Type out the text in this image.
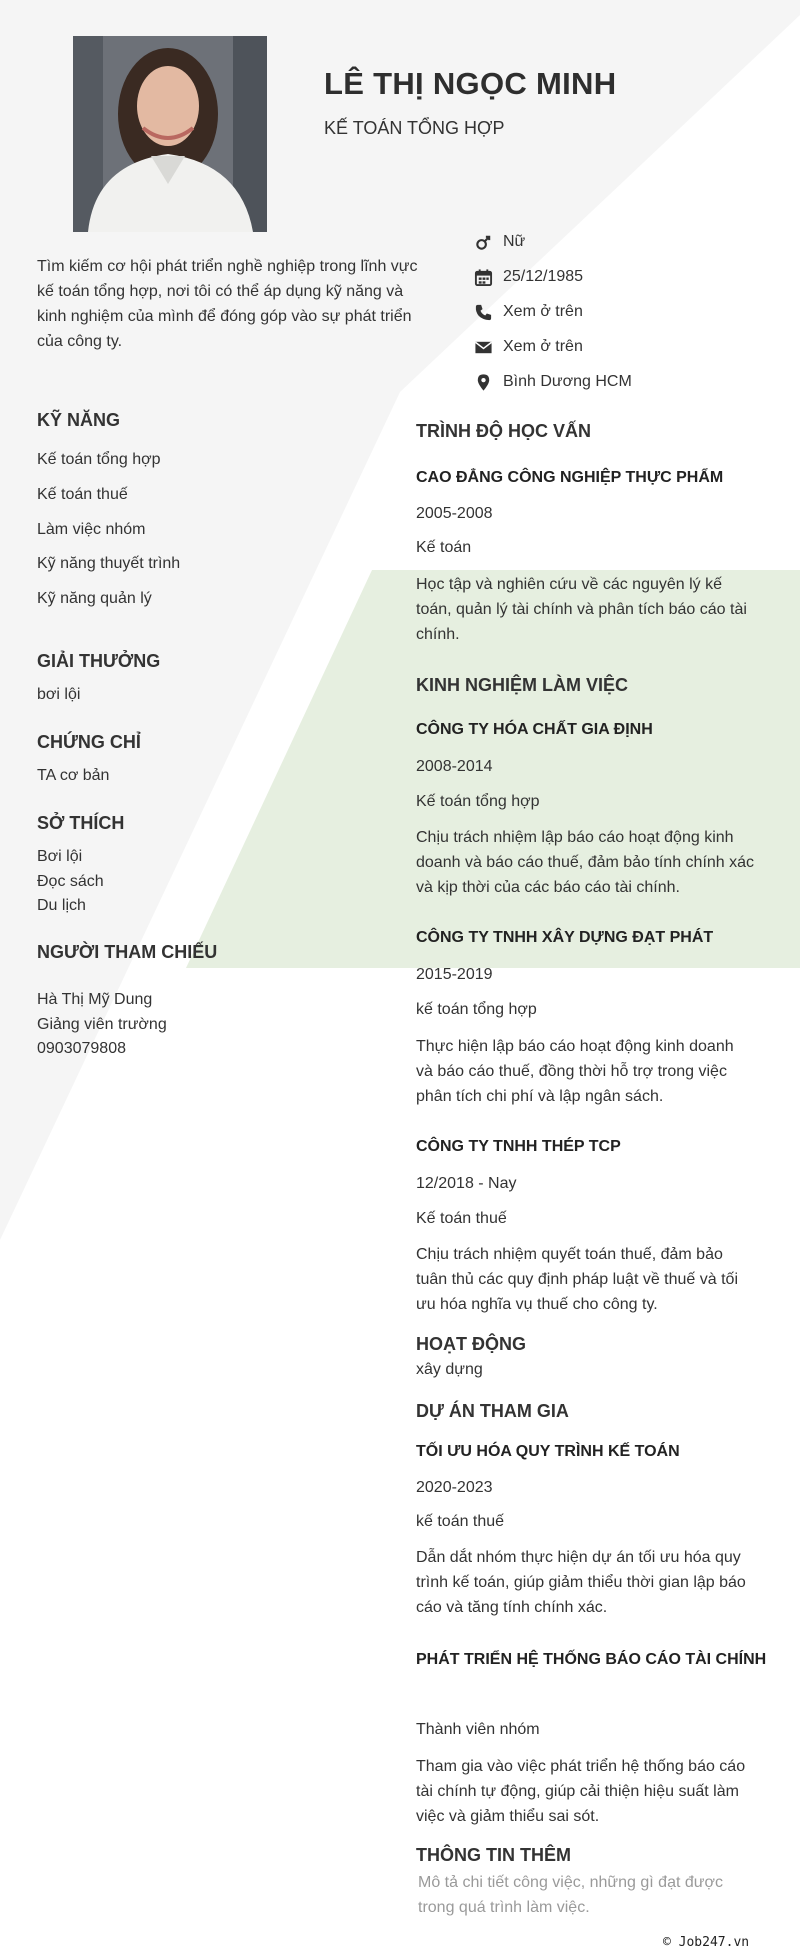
LÊ THỊ NGỌC MINH
KẾ TOÁN TỔNG HỢP
Tìm kiếm cơ hội phát triển nghề nghiệp trong lĩnh vực kế toán tổng hợp, nơi tôi có thể áp dụng kỹ năng và kinh nghiệm của mình để đóng góp vào sự phát triển của công ty.
Nữ
25/12/1985
Xem ở trên
Xem ở trên
Bình Dương HCM
KỸ NĂNG
Kế toán tổng hợp
Kế toán thuế
Làm việc nhóm
Kỹ năng thuyết trình
Kỹ năng quản lý
GIẢI THƯỞNG
bơi lội
CHỨNG CHỈ
TA cơ bản
SỞ THÍCH
Bơi lội
Đọc sách
Du lịch
NGƯỜI THAM CHIẾU
Hà Thị Mỹ Dung
Giảng viên trường
0903079808
TRÌNH ĐỘ HỌC VẤN
CAO ĐẲNG CÔNG NGHIỆP THỰC PHẨM
2005-2008
Kế toán
Học tập và nghiên cứu về các nguyên lý kế
toán, quản lý tài chính và phân tích báo cáo tài
chính.
KINH NGHIỆM LÀM VIỆC
CÔNG TY HÓA CHẤT GIA ĐỊNH
2008-2014
Kế toán tổng hợp
Chịu trách nhiệm lập báo cáo hoạt động kinh
doanh và báo cáo thuế, đảm bảo tính chính xác
và kịp thời của các báo cáo tài chính.
CÔNG TY TNHH XÂY DỰNG ĐẠT PHÁT
2015-2019
kế toán tổng hợp
Thực hiện lập báo cáo hoạt động kinh doanh
và báo cáo thuế, đồng thời hỗ trợ trong việc
phân tích chi phí và lập ngân sách.
CÔNG TY TNHH THÉP TCP
12/2018 - Nay
Kế toán thuế
Chịu trách nhiệm quyết toán thuế, đảm bảo
tuân thủ các quy định pháp luật về thuế và tối
ưu hóa nghĩa vụ thuế cho công ty.
HOẠT ĐỘNG
xây dựng
DỰ ÁN THAM GIA
TỐI ƯU HÓA QUY TRÌNH KẾ TOÁN
2020-2023
kế toán thuế
Dẫn dắt nhóm thực hiện dự án tối ưu hóa quy
trình kế toán, giúp giảm thiểu thời gian lập báo
cáo và tăng tính chính xác.
PHÁT TRIỂN HỆ THỐNG BÁO CÁO TÀI CHÍNH
Thành viên nhóm
Tham gia vào việc phát triển hệ thống báo cáo
tài chính tự động, giúp cải thiện hiệu suất làm
việc và giảm thiểu sai sót.
THÔNG TIN THÊM
Mô tả chi tiết công việc, những gì đạt được
trong quá trình làm việc.
© Job247.vn
